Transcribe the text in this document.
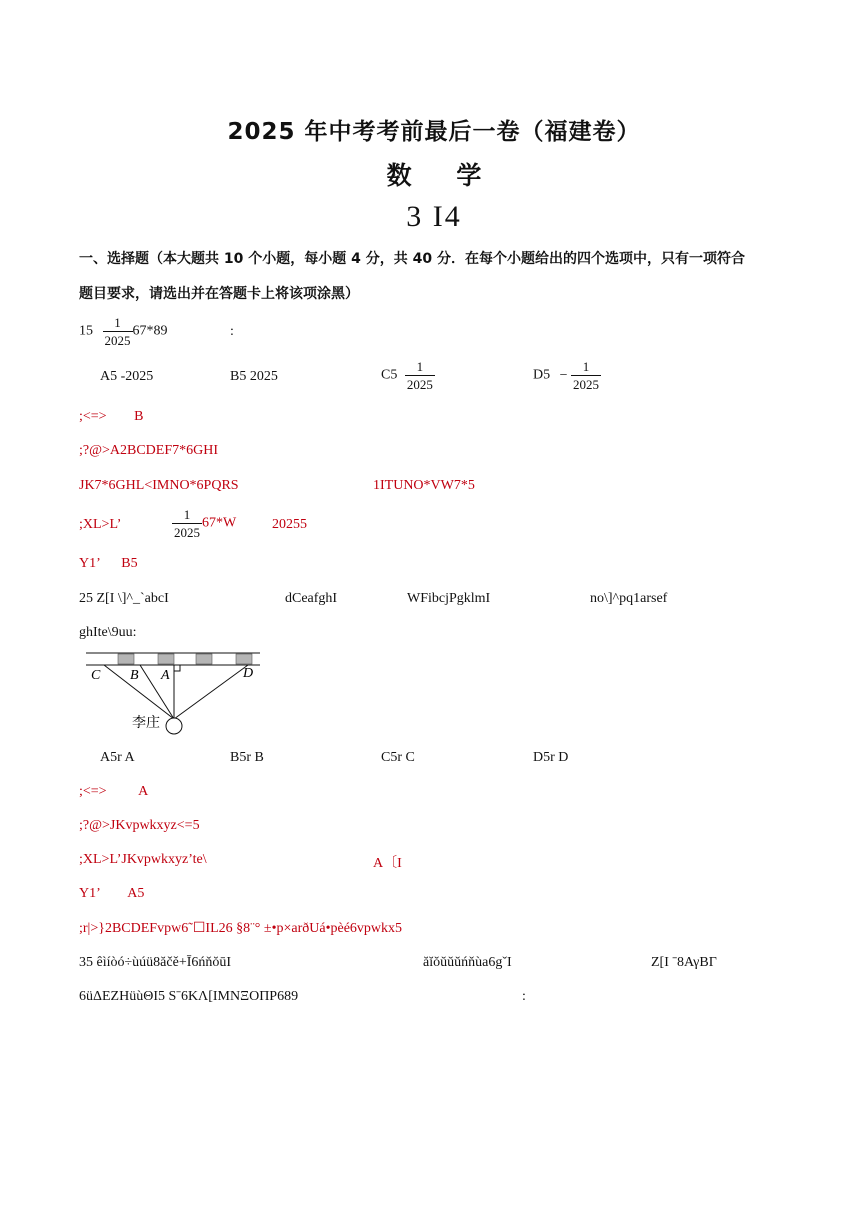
2025 年中考考前最后一卷（福建卷）
数 学
3 I4
一、选择题（本大题共 10 个小题，每小题 4 分，共 40 分．在每个小题给出的四个选项中，只有一项符合
题目要求，请选出并在答题卡上将该项涂黑）
$15 \frac{1}{2025} 67*89$	:
A5 -2025	B5 2025	$C5 \frac{1}{2025}$	$D5 - \frac{1}{2025}$
;<=> B
;?@>A2BCDEF7*6GHI
JK7*6GHL<IMNO*6PQRS	1ITUNO*VW7*5
;XL>L’	$\frac{1}{2025} 67*W$	20255
Y1’ B5
25 Z[I \]^_`abcI	dCeafghI	WFibcjPgklmI	no\]^pq1arsef
ghIte\9uu:
C B A	D
李庄
A5r A	B5r B	C5r C	D5r D
;<=> A
;?@>JKvpwkxyz<=5
;XL>L’JKvpwkxyz’te\	A〔I
Y1’ A5
;r|>}2BCDEFvpw6˜☐IL26 §8¨° ±•p×arðUá•pèé6vpwkx5
35 êìíòó÷ùúü8ăčě+Ī6ńňŏūI	ăĭŏŭŭŭńňùa6gˇI	Z[I ˉ8ΑγΒΓ
6üΔΕΖΗüùΘΙ5 Sˉ6ΚΛ[ΙΜΝΞΟΠΡ689	:
